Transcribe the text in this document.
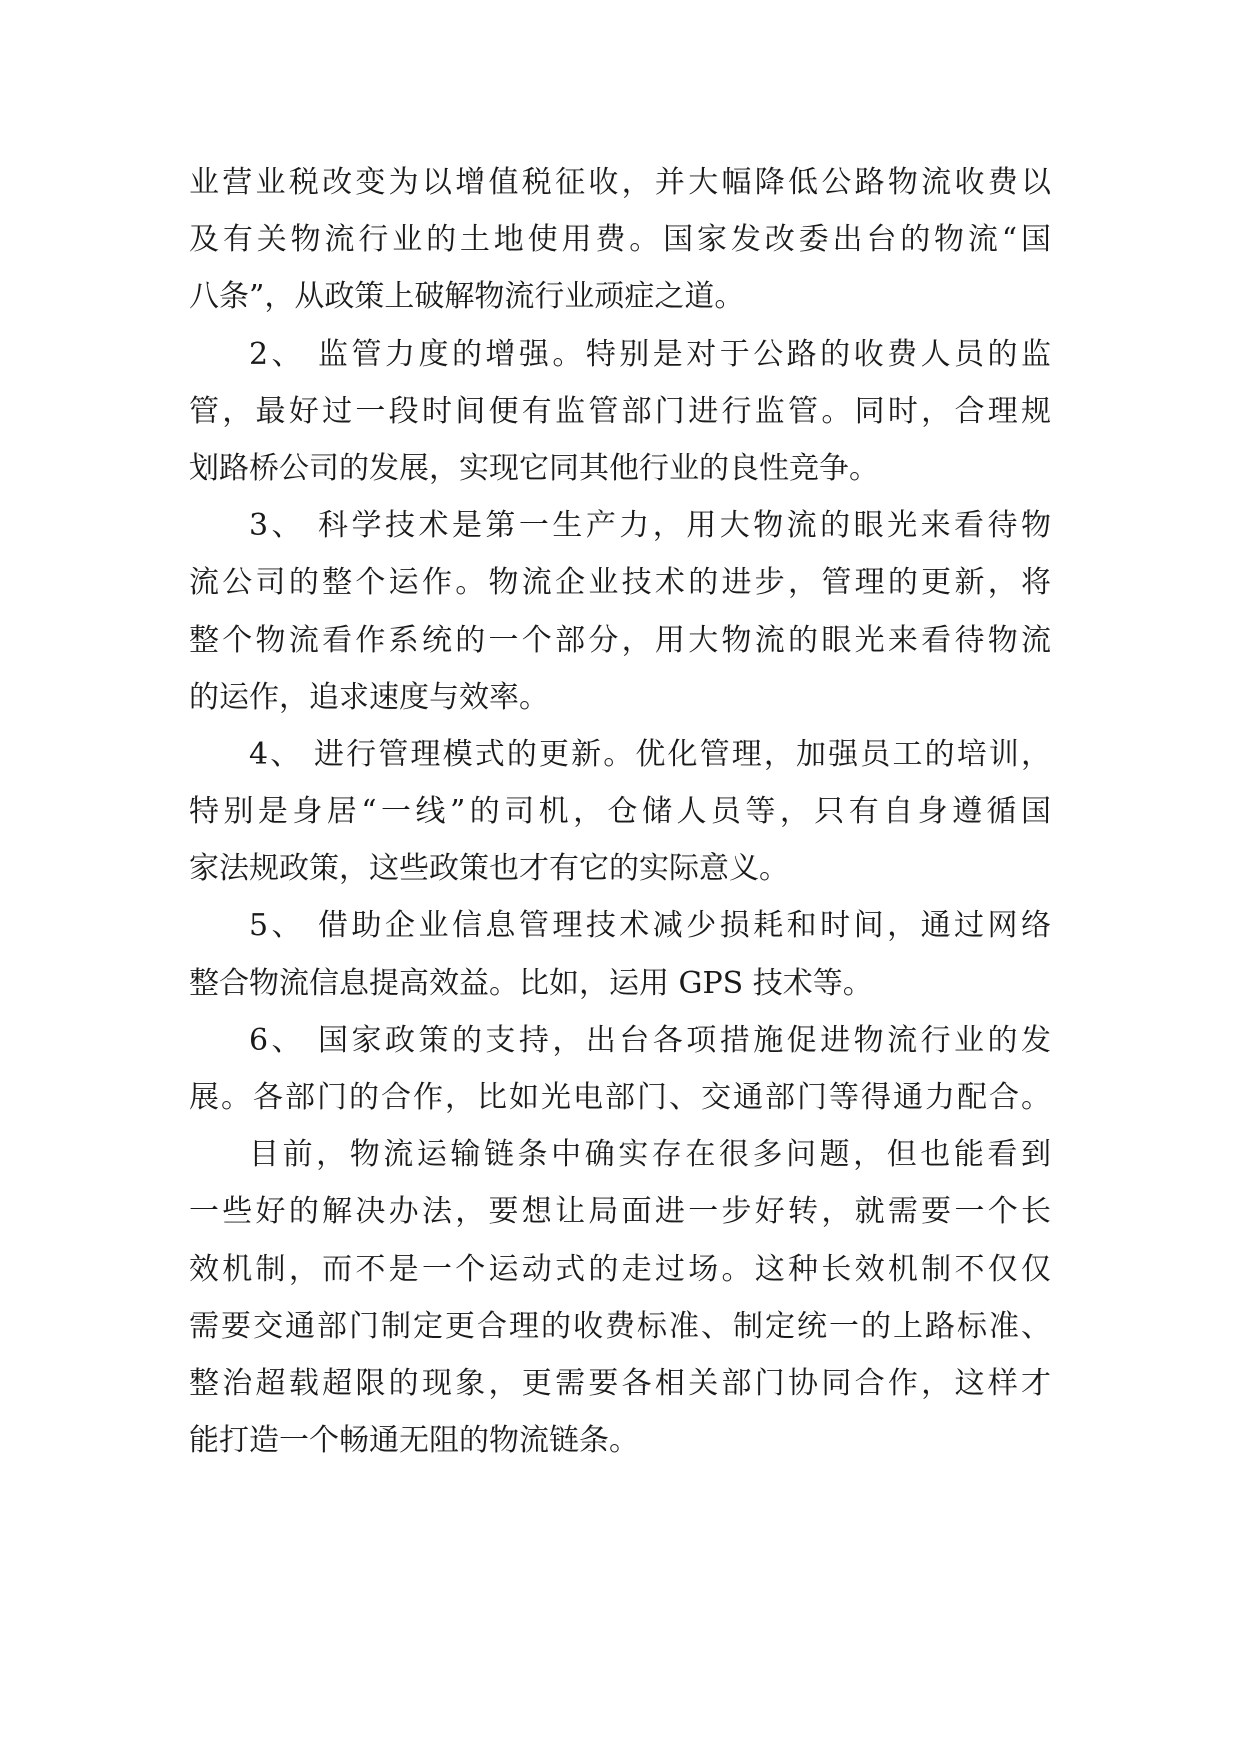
业营业税改变为以增值税征收，并大幅降低公路物流收费以
及有关物流行业的土地使用费。国家发改委出台的物流“国
八条”，从政策上破解物流行业顽症之道。
2、 监管力度的增强。特别是对于公路的收费人员的监
管，最好过一段时间便有监管部门进行监管。同时，合理规
划路桥公司的发展，实现它同其他行业的良性竞争。
3、 科学技术是第一生产力，用大物流的眼光来看待物
流公司的整个运作。物流企业技术的进步，管理的更新，将
整个物流看作系统的一个部分，用大物流的眼光来看待物流
的运作，追求速度与效率。
4、 进行管理模式的更新。优化管理，加强员工的培训，
特别是身居“一线”的司机，仓储人员等，只有自身遵循国
家法规政策，这些政策也才有它的实际意义。
5、 借助企业信息管理技术减少损耗和时间，通过网络
整合物流信息提高效益。比如，运用 GPS 技术等。
6、 国家政策的支持，出台各项措施促进物流行业的发
展。各部门的合作，比如光电部门、交通部门等得通力配合。
目前，物流运输链条中确实存在很多问题，但也能看到
一些好的解决办法，要想让局面进一步好转，就需要一个长
效机制，而不是一个运动式的走过场。这种长效机制不仅仅
需要交通部门制定更合理的收费标准、制定统一的上路标准、
整治超载超限的现象，更需要各相关部门协同合作，这样才
能打造一个畅通无阻的物流链条。
